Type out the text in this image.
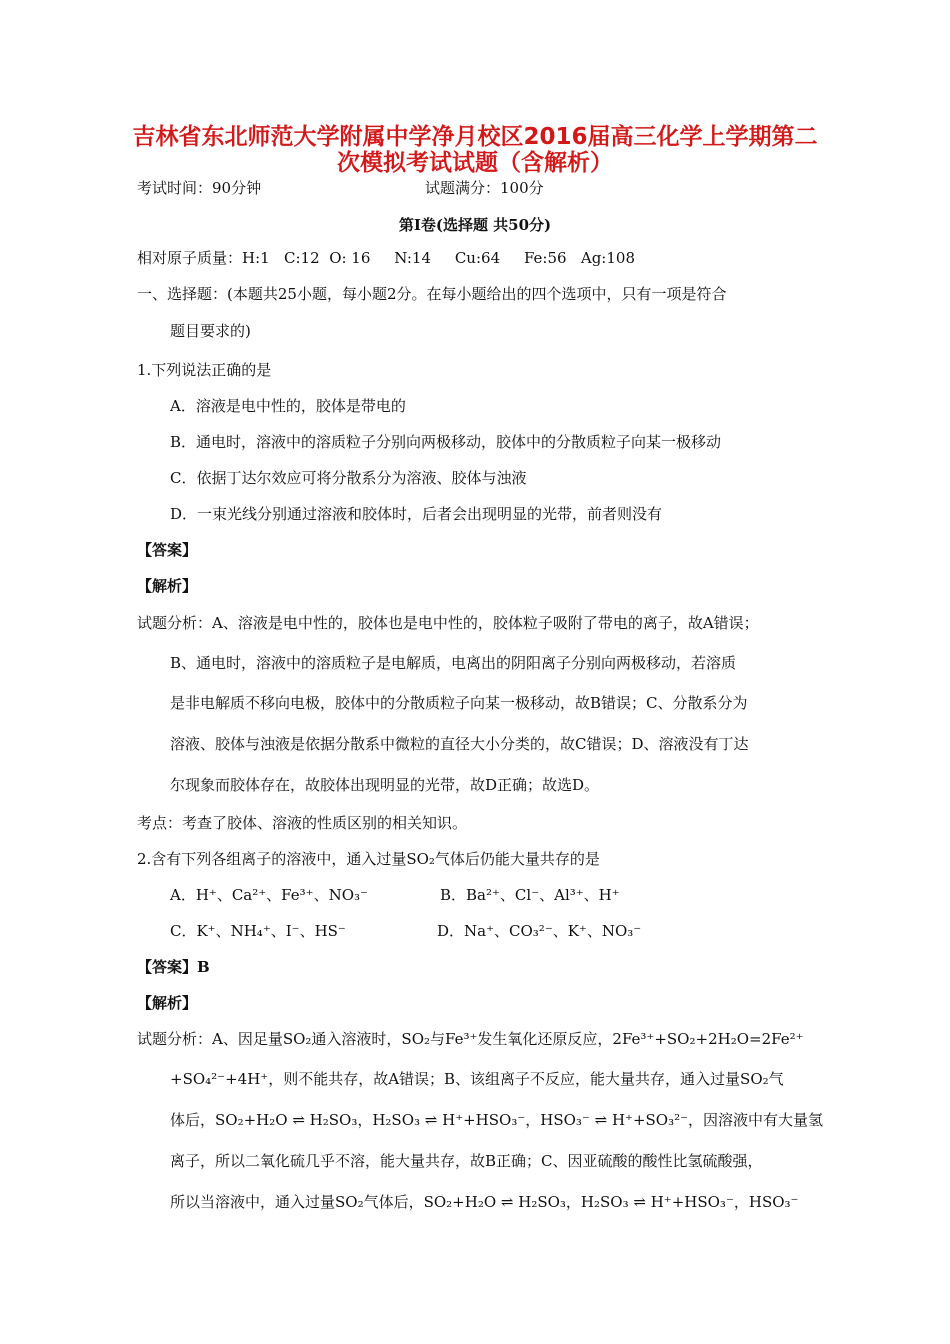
吉林省东北师范大学附属中学净月校区2016届高三化学上学期第二
次模拟考试试题（含解析）
考试时间：90分钟	试题满分：100分
第Ⅰ卷(选择题 共50分)
相对原子质量：H:1 C:12 O: 16 N:14 Cu:64 Fe:56 Ag:108
一、选择题：(本题共25小题，每小题2分。在每小题给出的四个选项中，只有一项是符合
题目要求的)
1.下列说法正确的是
A．溶液是电中性的，胶体是带电的
B．通电时，溶液中的溶质粒子分别向两极移动，胶体中的分散质粒子向某一极移动
C．依据丁达尔效应可将分散系分为溶液、胶体与浊液
D．一束光线分别通过溶液和胶体时，后者会出现明显的光带，前者则没有
【答案】
【解析】
试题分析：A、溶液是电中性的，胶体也是电中性的，胶体粒子吸附了带电的离子，故A错误；
B、通电时，溶液中的溶质粒子是电解质，电离出的阴阳离子分别向两极移动，若溶质
是非电解质不移向电极，胶体中的分散质粒子向某一极移动，故B错误；C、分散系分为
溶液、胶体与浊液是依据分散系中微粒的直径大小分类的，故C错误；D、溶液没有丁达
尔现象而胶体存在，故胶体出现明显的光带，故D正确；故选D。
考点：考查了胶体、溶液的性质区别的相关知识。
2.含有下列各组离子的溶液中，通入过量SO₂气体后仍能大量共存的是
A．H⁺、Ca²⁺、Fe³⁺、NO₃⁻	B．Ba²⁺、Cl⁻、Al³⁺、H⁺
C．K⁺、NH₄⁺、I⁻、HS⁻	D．Na⁺、CO₃²⁻、K⁺、NO₃⁻
【答案】B
【解析】
试题分析：A、因足量SO₂通入溶液时，SO₂与Fe³⁺发生氧化还原反应，2Fe³⁺+SO₂+2H₂O=2Fe²⁺
+SO₄²⁻+4H⁺，则不能共存，故A错误；B、该组离子不反应，能大量共存，通入过量SO₂气
体后，SO₂+H₂O ⇌ H₂SO₃，H₂SO₃ ⇌ H⁺+HSO₃⁻，HSO₃⁻ ⇌ H⁺+SO₃²⁻，因溶液中有大量氢
离子，所以二氧化硫几乎不溶，能大量共存，故B正确；C、因亚硫酸的酸性比氢硫酸强，
所以当溶液中，通入过量SO₂气体后，SO₂+H₂O ⇌ H₂SO₃，H₂SO₃ ⇌ H⁺+HSO₃⁻，HSO₃⁻
